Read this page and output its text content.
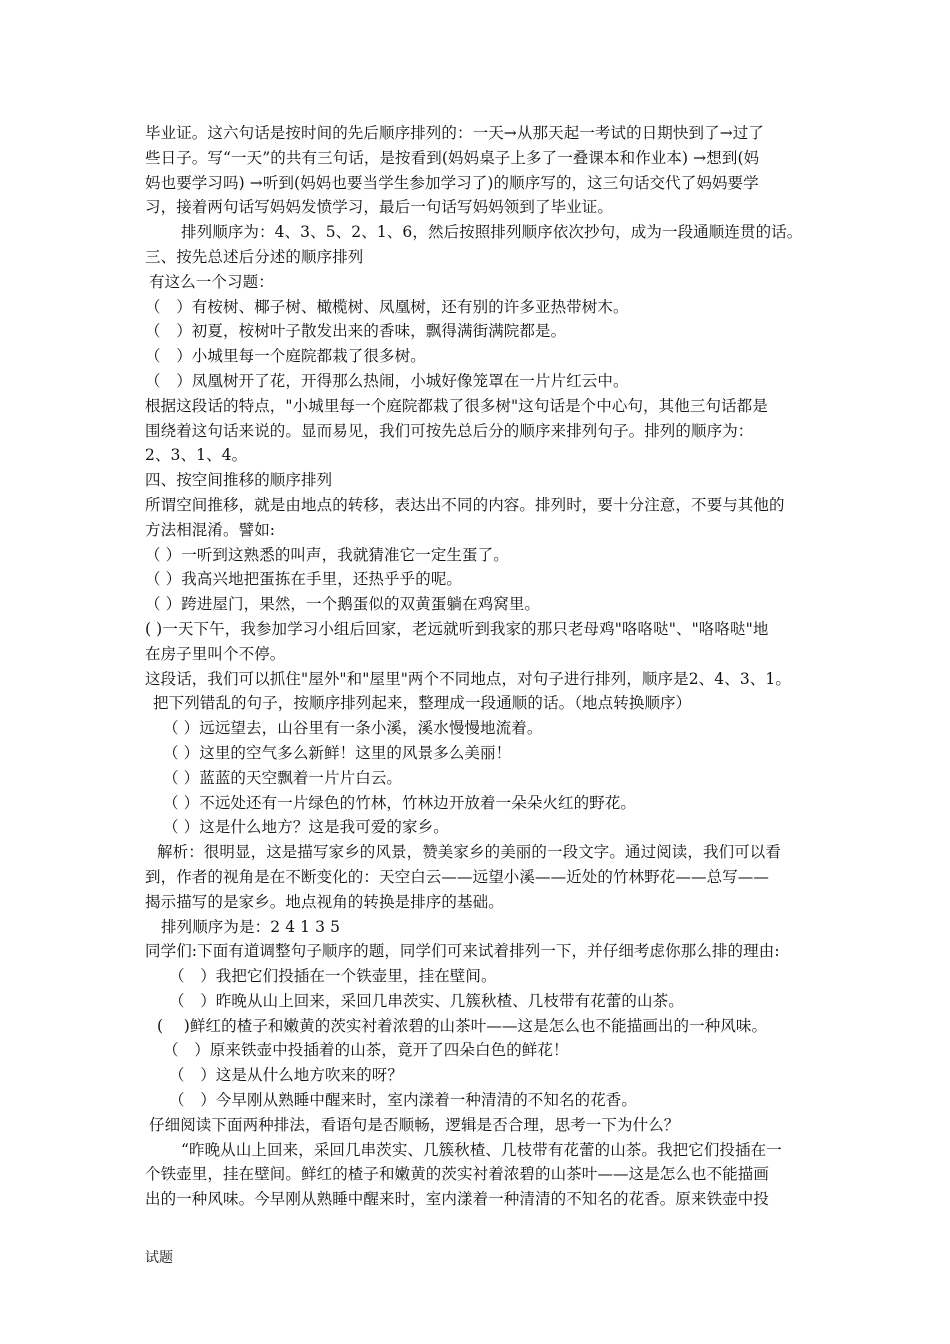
毕业证。这六句话是按时间的先后顺序排列的：一天→从那天起一考试的日期快到了→过了
些日子。写“一天”的共有三句话，是按看到(妈妈桌子上多了一叠课本和作业本) →想到(妈
妈也要学习吗) →听到(妈妈也要当学生参加学习了)的顺序写的，这三句话交代了妈妈要学
习，接着两句话写妈妈发愤学习，最后一句话写妈妈领到了毕业证。
排列顺序为：4、3、5、2、1、6，然后按照排列顺序依次抄句，成为一段通顺连贯的话。
三、按先总述后分述的顺序排列
有这么一个习题：
（　）有桉树、椰子树、橄榄树、凤凰树，还有别的许多亚热带树木。
（　）初夏，桉树叶子散发出来的香味，飘得满街满院都是。
（　）小城里每一个庭院都栽了很多树。
（　）凤凰树开了花，开得那么热闹，小城好像笼罩在一片片红云中。
根据这段话的特点，"小城里每一个庭院都栽了很多树"这句话是个中心句，其他三句话都是
围绕着这句话来说的。显而易见，我们可按先总后分的顺序来排列句子。排列的顺序为：
2、3、1、4。
四、按空间推移的顺序排列
所谓空间推移，就是由地点的转移，表达出不同的内容。排列时，要十分注意，不要与其他的
方法相混淆。譬如:
（ ）一听到这熟悉的叫声，我就猜准它一定生蛋了。
（ ）我高兴地把蛋拣在手里，还热乎乎的呢。
（ ）跨进屋门，果然，一个鹅蛋似的双黄蛋躺在鸡窝里。
( )一天下午，我参加学习小组后回家，老远就听到我家的那只老母鸡"咯咯哒"、"咯咯哒"地
在房子里叫个不停。
这段话，我们可以抓住"屋外"和"屋里"两个不同地点，对句子进行排列，顺序是2、4、3、1。
把下列错乱的句子，按顺序排列起来，整理成一段通顺的话。（地点转换顺序）
（ ）远远望去，山谷里有一条小溪，溪水慢慢地流着。
（ ）这里的空气多么新鲜！这里的风景多么美丽！
（ ）蓝蓝的天空飘着一片片白云。
（ ）不远处还有一片绿色的竹林，竹林边开放着一朵朵火红的野花。
（ ）这是什么地方？这是我可爱的家乡。
解析：很明显，这是描写家乡的风景，赞美家乡的美丽的一段文字。通过阅读，我们可以看
到，作者的视角是在不断变化的：天空白云——远望小溪——近处的竹林野花——总写——
揭示描写的是家乡。地点视角的转换是排序的基础。
排列顺序为是：2 4 1 3 5
同学们:下面有道调整句子顺序的题，同学们可来试着排列一下，并仔细考虑你那么排的理由:
（　）我把它们投插在一个铁壶里，挂在壁间。
（　）昨晚从山上回来，采回几串茨实、几簇秋楂、几枝带有花蕾的山茶。
(　 )鲜红的楂子和嫩黄的茨实衬着浓碧的山茶叶——这是怎么也不能描画出的一种风味。
（　）原来铁壶中投插着的山茶，竟开了四朵白色的鲜花！
（　）这是从什么地方吹来的呀？
（　）今早刚从熟睡中醒来时，室内漾着一种清清的不知名的花香。
仔细阅读下面两种排法，看语句是否顺畅，逻辑是否合理，思考一下为什么？
“昨晚从山上回来，采回几串茨实、几簇秋楂、几枝带有花蕾的山茶。我把它们投插在一
个铁壶里，挂在壁间。鲜红的楂子和嫩黄的茨实衬着浓碧的山茶叶——这是怎么也不能描画
出的一种风味。今早刚从熟睡中醒来时，室内漾着一种清清的不知名的花香。原来铁壶中投
试题
